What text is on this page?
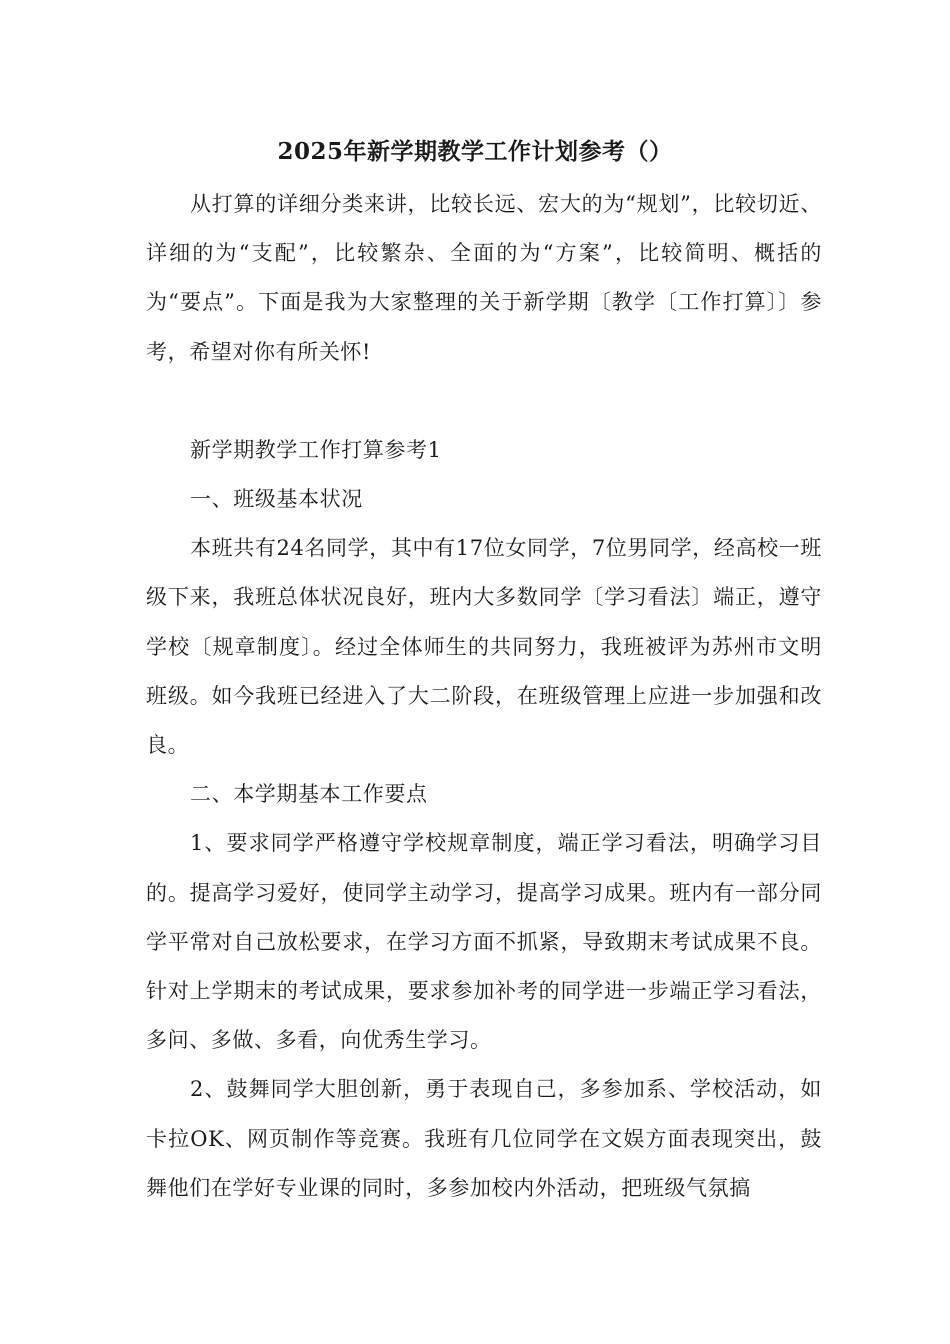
2025年新学期教学工作计划参考（）

从打算的详细分类来讲，比较长远、宏大的为“规划”，比较切近、详细的为“支配”，比较繁杂、全面的为“方案”，比较简明、概括的为“要点”。下面是我为大家整理的关于新学期〔教学〔工作打算〕〕参考，希望对你有所关怀!

新学期教学工作打算参考1

一、班级基本状况

本班共有24名同学，其中有17位女同学，7位男同学，经高校一班级下来，我班总体状况良好，班内大多数同学〔学习看法〕端正，遵守学校〔规章制度〕。经过全体师生的共同努力，我班被评为苏州市文明班级。如今我班已经进入了大二阶段，在班级管理上应进一步加强和改良。

二、本学期基本工作要点

1、要求同学严格遵守学校规章制度，端正学习看法，明确学习目的。提高学习爱好，使同学主动学习，提高学习成果。班内有一部分同学平常对自己放松要求，在学习方面不抓紧，导致期末考试成果不良。针对上学期末的考试成果，要求参加补考的同学进一步端正学习看法，多问、多做、多看，向优秀生学习。

2、鼓舞同学大胆创新，勇于表现自己，多参加系、学校活动，如卡拉OK、网页制作等竞赛。我班有几位同学在文娱方面表现突出，鼓舞他们在学好专业课的同时，多参加校内外活动，把班级气氛搞
